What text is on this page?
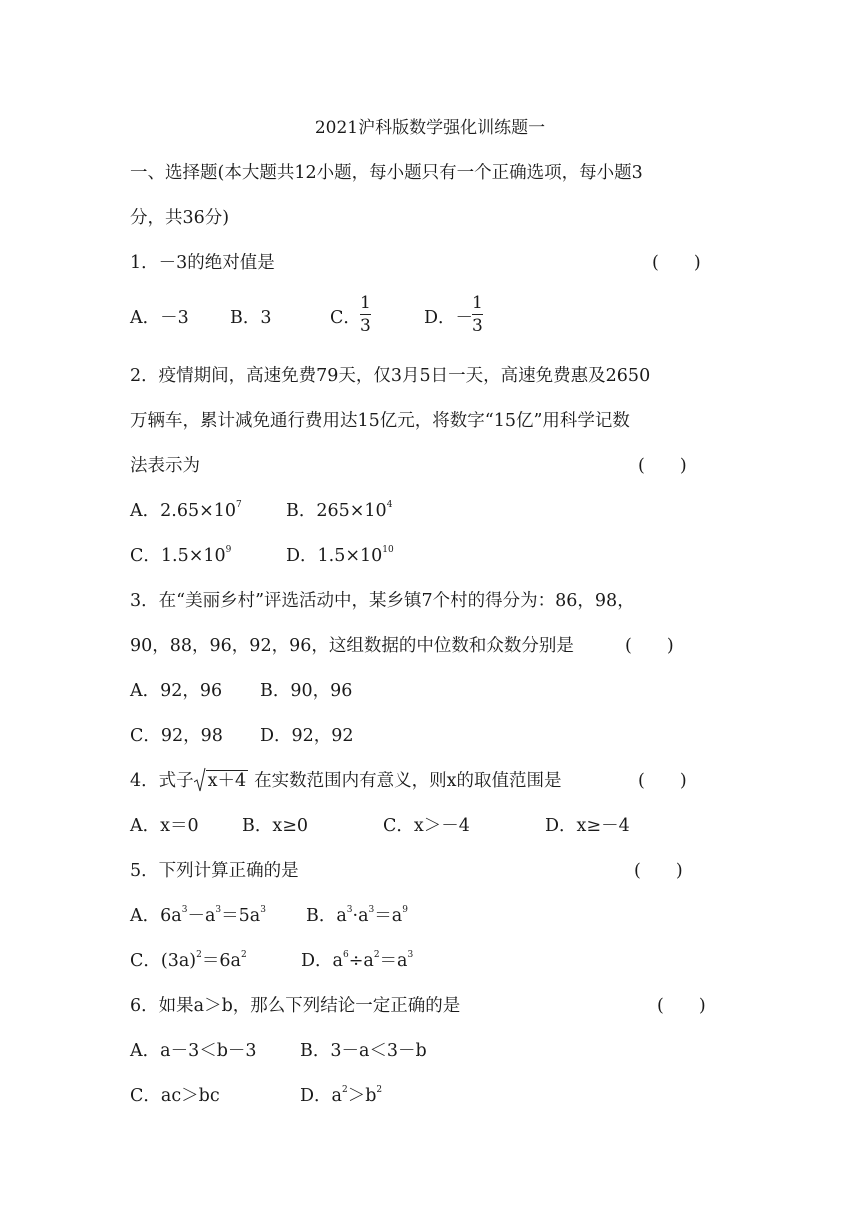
2021沪科版数学强化训练题一
一、选择题(本大题共12小题，每小题只有一个正确选项，每小题3
分，共36分)
1．－3的绝对值是	(　　)
A．－3 B．3	C．
1
3	D．－
1
3
2．疫情期间，高速免费79天，仅3月5日一天，高速免费惠及2650
万辆车，累计减免通行费用达15亿元，将数字“15亿”用科学记数
法表示为	(　　)
A．$2.65\times 10^7$	B．$265\times 10^4$
C．$1.5\times 10^9$	D．$1.5\times 10^{10}$
3．在“美丽乡村”评选活动中，某乡镇7个村的得分为：86，98，
90，88，96，92，96，这组数据的中位数和众数分别是	(　　)
A．92，96 B．90，96
C．92，98 D．92，92
4．式子 x＋4 在实数范围内有意义，则x的取值范围是	(　　)
A．x＝0 B．x≥0	C．x＞－4	D．x≥－4
5．下列计算正确的是	(　　)
A．$6a^3-a^3=5a^3$ B．$a^3\cdot a^3=a^9$
C．$(3a)^2=6a^2$	D．$a^6\div a^2=a^3$
6．如果a＞b，那么下列结论一定正确的是	(　　)
A．a－3＜b－3 B．3－a＜3－b
C．ac＞bc	D．$a^2>b^2$
